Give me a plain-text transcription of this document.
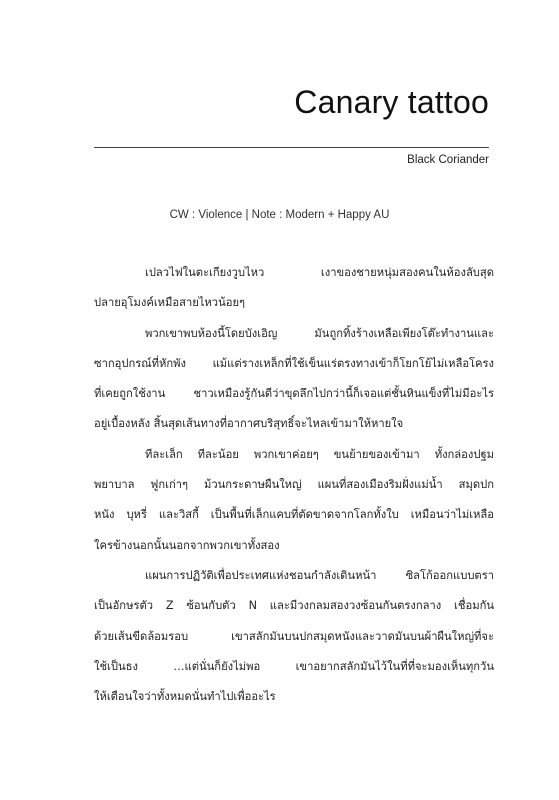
Canary tattoo
Black Coriander
CW : Violence | Note : Modern + Happy AU
เปลวไฟในตะเกียงวูบไหว เงาของชายหนุ่มสองคนในห้องลับสุด
ปลายอุโมงค์เหมือสายไหวน้อยๆ
พวกเขาพบห้องนี้โดยบังเอิญ มันถูกทิ้งร้างเหลือเพียงโต๊ะทำงานและ
ซากอุปกรณ์ที่หักพัง แม้แต่รางเหล็กที่ใช้เข็นแร่ตรงทางเข้าก็โยกโย้ไม่เหลือโครง
ที่เคยถูกใช้งาน ชาวเหมืองรู้กันดีว่าขุดลึกไปกว่านี้ก็เจอแต่ชั้นหินแข็งที่ไม่มีอะไร
อยู่เบื้องหลัง สิ้นสุดเส้นทางที่อากาศบริสุทธิ์จะไหลเข้ามาให้หายใจ
ทีละเล็ก ทีละน้อย พวกเขาค่อยๆ ขนย้ายของเข้ามา ทั้งกล่องปฐม
พยาบาล ฟูกเก่าๆ ม้วนกระดาษผืนใหญ่ แผนที่สองเมืองริมฝั่งแม่น้ำ สมุดปก
หนัง บุหรี่ และวิสกี้ เป็นพื้นที่เล็กแคบที่ตัดขาดจากโลกทั้งใบ เหมือนว่าไม่เหลือ
ใครข้างนอกนั้นนอกจากพวกเขาทั้งสอง
แผนการปฏิวัติเพื่อประเทศแห่งชอนกำลังเดินหน้า ซิลโก้ออกแบบตรา
เป็นอักษรตัว Z ซ้อนกับตัว N และมีวงกลมสองวงซ้อนกันตรงกลาง เชื่อมกัน
ด้วยเส้นขีดล้อมรอบ เขาสลักมันบนปกสมุดหนังและวาดมันบนผ้าผืนใหญ่ที่จะ
ใช้เป็นธง …แต่นั่นก็ยังไม่พอ เขาอยากสลักมันไว้ในที่ที่จะมองเห็นทุกวัน
ให้เตือนใจว่าทั้งหมดนั่นทำไปเพื่ออะไร
